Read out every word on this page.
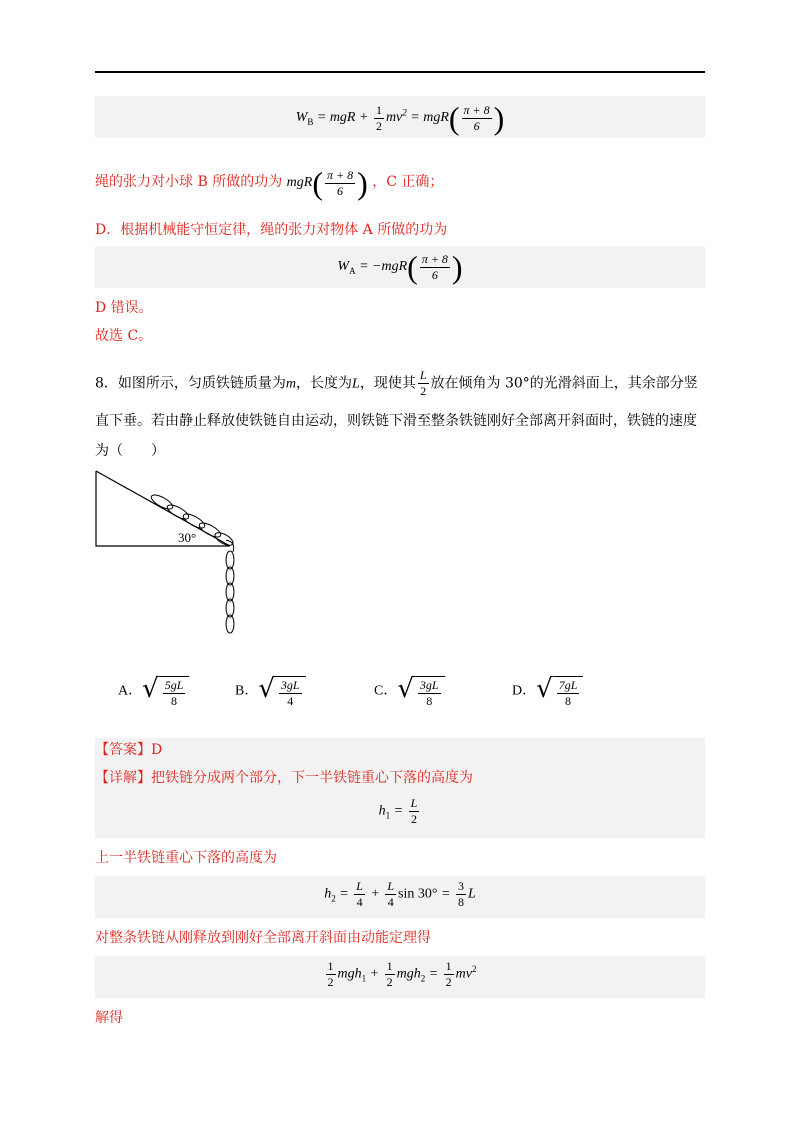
$W_B$ = mgR + $\frac{1}{2} mv^2 = mgR( \frac{\pi + 8}{6}$ )
绳的张力对小球 B 所做的功为 $mgR( \frac{\pi + 8}{6}$ ) ，C 正确；
D．根据机械能守恒定律，绳的张力对物体 A 所做的功为
$W_A = -mgR( \frac{\pi + 8}{6}$ )
D 错误。
故选 C。
8．如图所示，匀质铁链质量为m，长度为L，现使其 $\frac{L}{2}$ 放在倾角为 30°的光滑斜面上，其余部分竖
直下垂。若由静止释放使铁链自由运动，则铁链下滑至整条铁链刚好全部离开斜面时，铁链的速度
为（　　）
30°
A． √ $\frac{5gL}{8}$	B． √ $\frac{3gL}{4}$	C． √ $\frac{3gL}{8}$	D． √ $\frac{7gL}{8}$
【答案】D
【详解】把铁链分成两个部分，下一半铁链重心下落的高度为
$h_1 = \frac{L}{2}$
上一半铁链重心下落的高度为
$h_2 = \frac{L}{4} + \frac{L}{4}$ $\sin 30^\circ = \frac{3}{8}$ L
对整条铁链从刚释放到刚好全部离开斜面由动能定理得
$\frac{1}{2} mgh_1 + \frac{1}{2} mgh_2 = \frac{1}{2} mv^2$
解得
